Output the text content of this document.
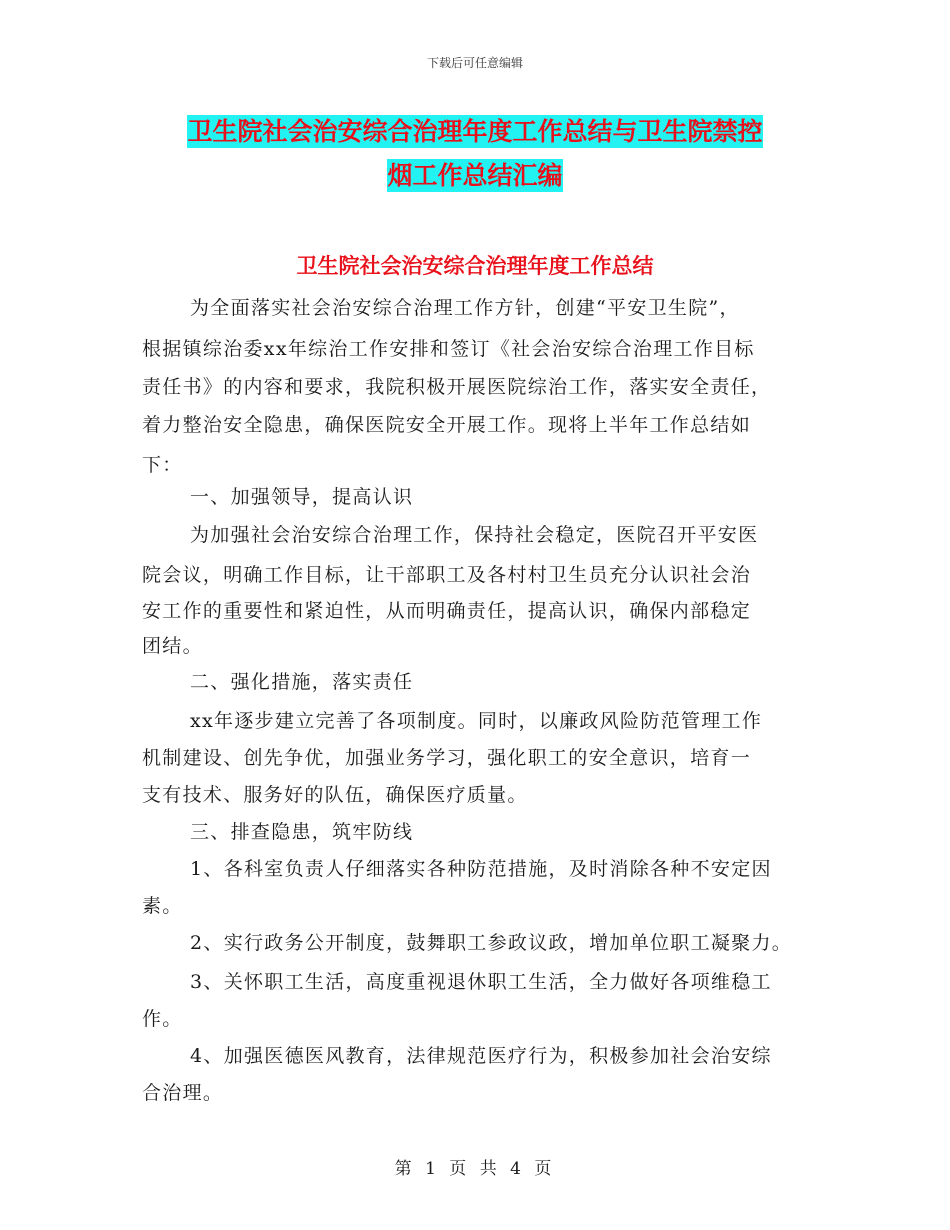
下载后可任意编辑
卫生院社会治安综合治理年度工作总结与卫生院禁控
烟工作总结汇编
卫生院社会治安综合治理年度工作总结
为全面落实社会治安综合治理工作方针，创建“平安卫生院”，
根据镇综治委xx年综治工作安排和签订《社会治安综合治理工作目标
责任书》的内容和要求，我院积极开展医院综治工作，落实安全责任，
着力整治安全隐患，确保医院安全开展工作。现将上半年工作总结如
下：
一、加强领导，提高认识
为加强社会治安综合治理工作，保持社会稳定，医院召开平安医
院会议，明确工作目标，让干部职工及各村村卫生员充分认识社会治
安工作的重要性和紧迫性，从而明确责任，提高认识，确保内部稳定
团结。
二、强化措施，落实责任
xx年逐步建立完善了各项制度。同时，以廉政风险防范管理工作
机制建设、创先争优，加强业务学习，强化职工的安全意识，培育一
支有技术、服务好的队伍，确保医疗质量。
三、排查隐患，筑牢防线
1、各科室负责人仔细落实各种防范措施，及时消除各种不安定因
素。
2、实行政务公开制度，鼓舞职工参政议政，增加单位职工凝聚力。
3、关怀职工生活，高度重视退休职工生活，全力做好各项维稳工
作。
4、加强医德医风教育，法律规范医疗行为，积极参加社会治安综
合治理。
第 1 页 共 4 页
